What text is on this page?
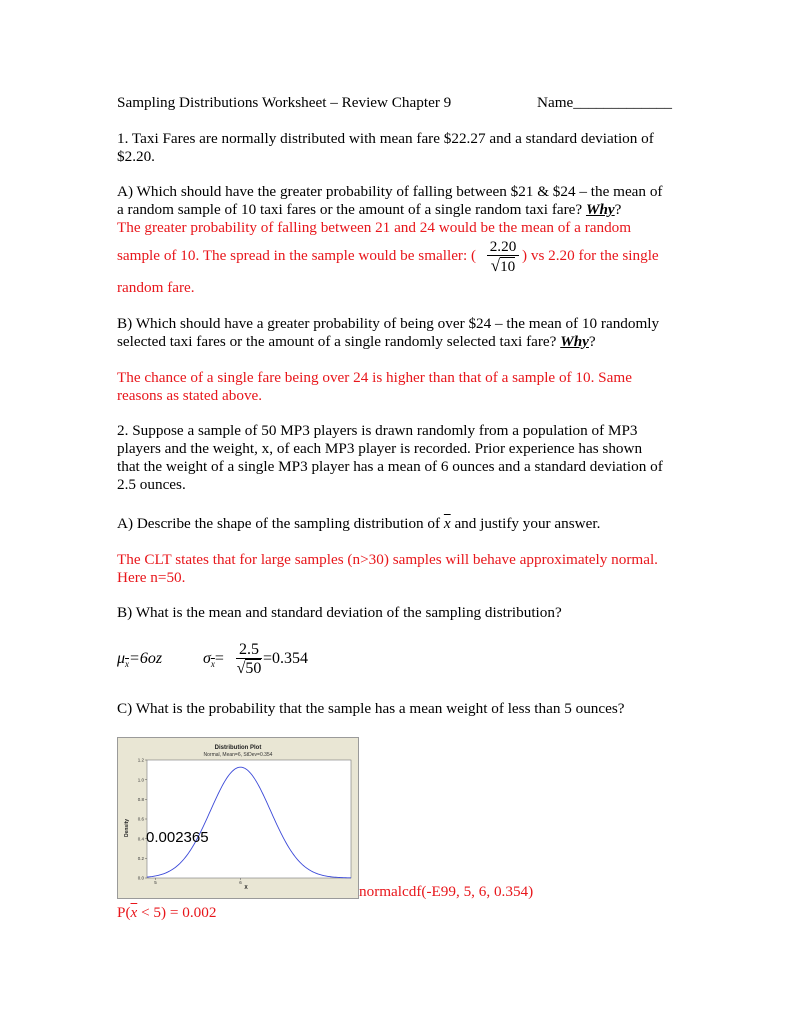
Sampling Distributions Worksheet – Review Chapter 9	Name_____________
1. Taxi Fares are normally distributed with mean fare $22.27 and a standard deviation of
$2.20.
A) Which should have the greater probability of falling between $21 & $24 – the mean of
a random sample of 10 taxi fares or the amount of a single random taxi fare? Why?
The greater probability of falling between 21 and 24 would be the mean of a random
sample of 10. The spread in the sample would be smaller: (
2.20
√10
) vs 2.20 for the single
random fare.
B) Which should have a greater probability of being over $24 – the mean of 10 randomly
selected taxi fares or the amount of a single randomly selected taxi fare? Why?
The chance of a single fare being over 24 is higher than that of a sample of 10. Same
reasons as stated above.
2. Suppose a sample of 50 MP3 players is drawn randomly from a population of MP3
players and the weight, x, of each MP3 player is recorded. Prior experience has shown
that the weight of a single MP3 player has a mean of 6 ounces and a standard deviation of
2.5 ounces.
A) Describe the shape of the sampling distribution of $\overline{x}$ and justify your answer.
The CLT states that for large samples (n>30) samples will behave approximately normal.
Here n=50.
B) What is the mean and standard deviation of the sampling distribution?
$\mu_{\overline{x}}=6oz$	$\sigma_{\overline{x}}=$
2.5
√50
=0.354
C) What is the probability that the sample has a mean weight of less than 5 ounces?
Distribution Plot
Normal, Mean=6, StDev=0.354
Density
X
0.0
0.2
0.4
0.6
0.8
1.0
1.2
5	6
0.002365
normalcdf(-E99, 5, 6, 0.354)
$P(\overline{x} < 5) = 0.002$
